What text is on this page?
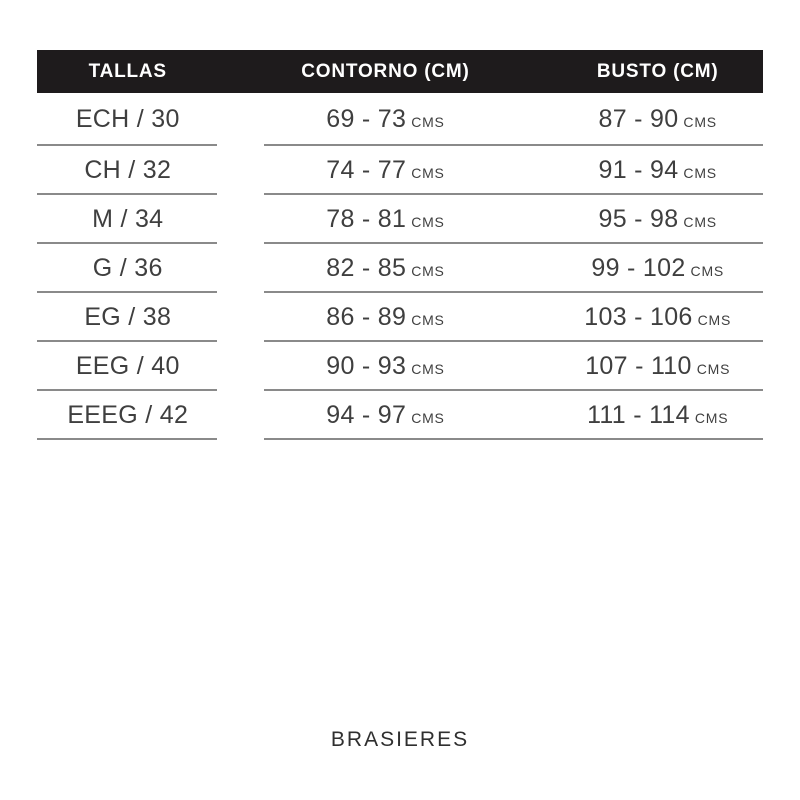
TALLAS	CONTORNO (CM)	BUSTO (CM)
ECH / 30	69 - 73 CMS	87 - 90 CMS
CH / 32	74 - 77 CMS	91 - 94 CMS
M / 34	78 - 81 CMS	95 - 98 CMS
G / 36	82 - 85 CMS	99 - 102 CMS
EG / 38	86 - 89 CMS	103 - 106 CMS
EEG / 40	90 - 93 CMS	107 - 110 CMS
EEEG / 42	94 - 97 CMS	111 - 114 CMS
BRASIERES
